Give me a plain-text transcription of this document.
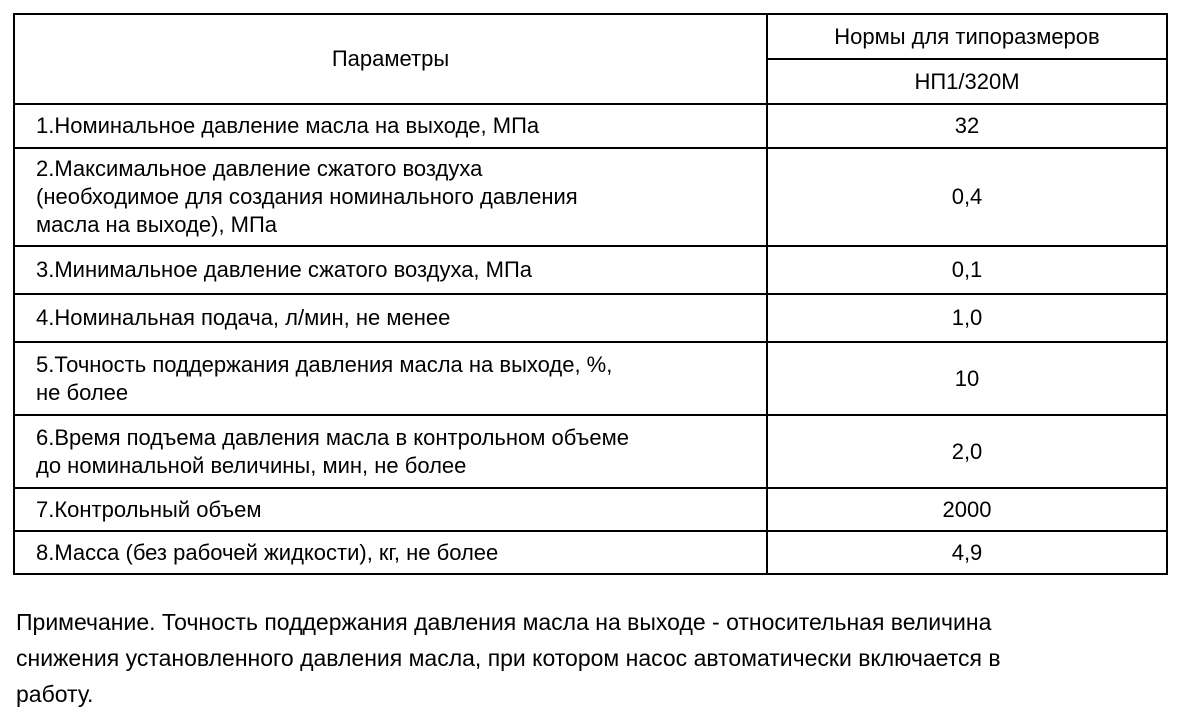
Параметры	Нормы для типоразмеров
	НП1/320М

1.Номинальное давление масла на выходе, МПа	32

2.Максимальное давление сжатого воздуха
(необходимое для создания номинального давления
масла на выходе), МПа	0,4

3.Минимальное давление сжатого воздуха, МПа	0,1

4.Номинальная подача, л/мин, не менее	1,0

5.Точность поддержания давления масла на выходе, %,
не более	10

6.Время подъема давления масла в контрольном объеме
до номинальной величины, мин, не более	2,0

7.Контрольный объем	2000

8.Масса (без рабочей жидкости), кг, не более	4,9

Примечание. Точность поддержания давления масла на выходе - относительная величина
снижения установленного давления масла, при котором насос автоматически включается в
работу.
